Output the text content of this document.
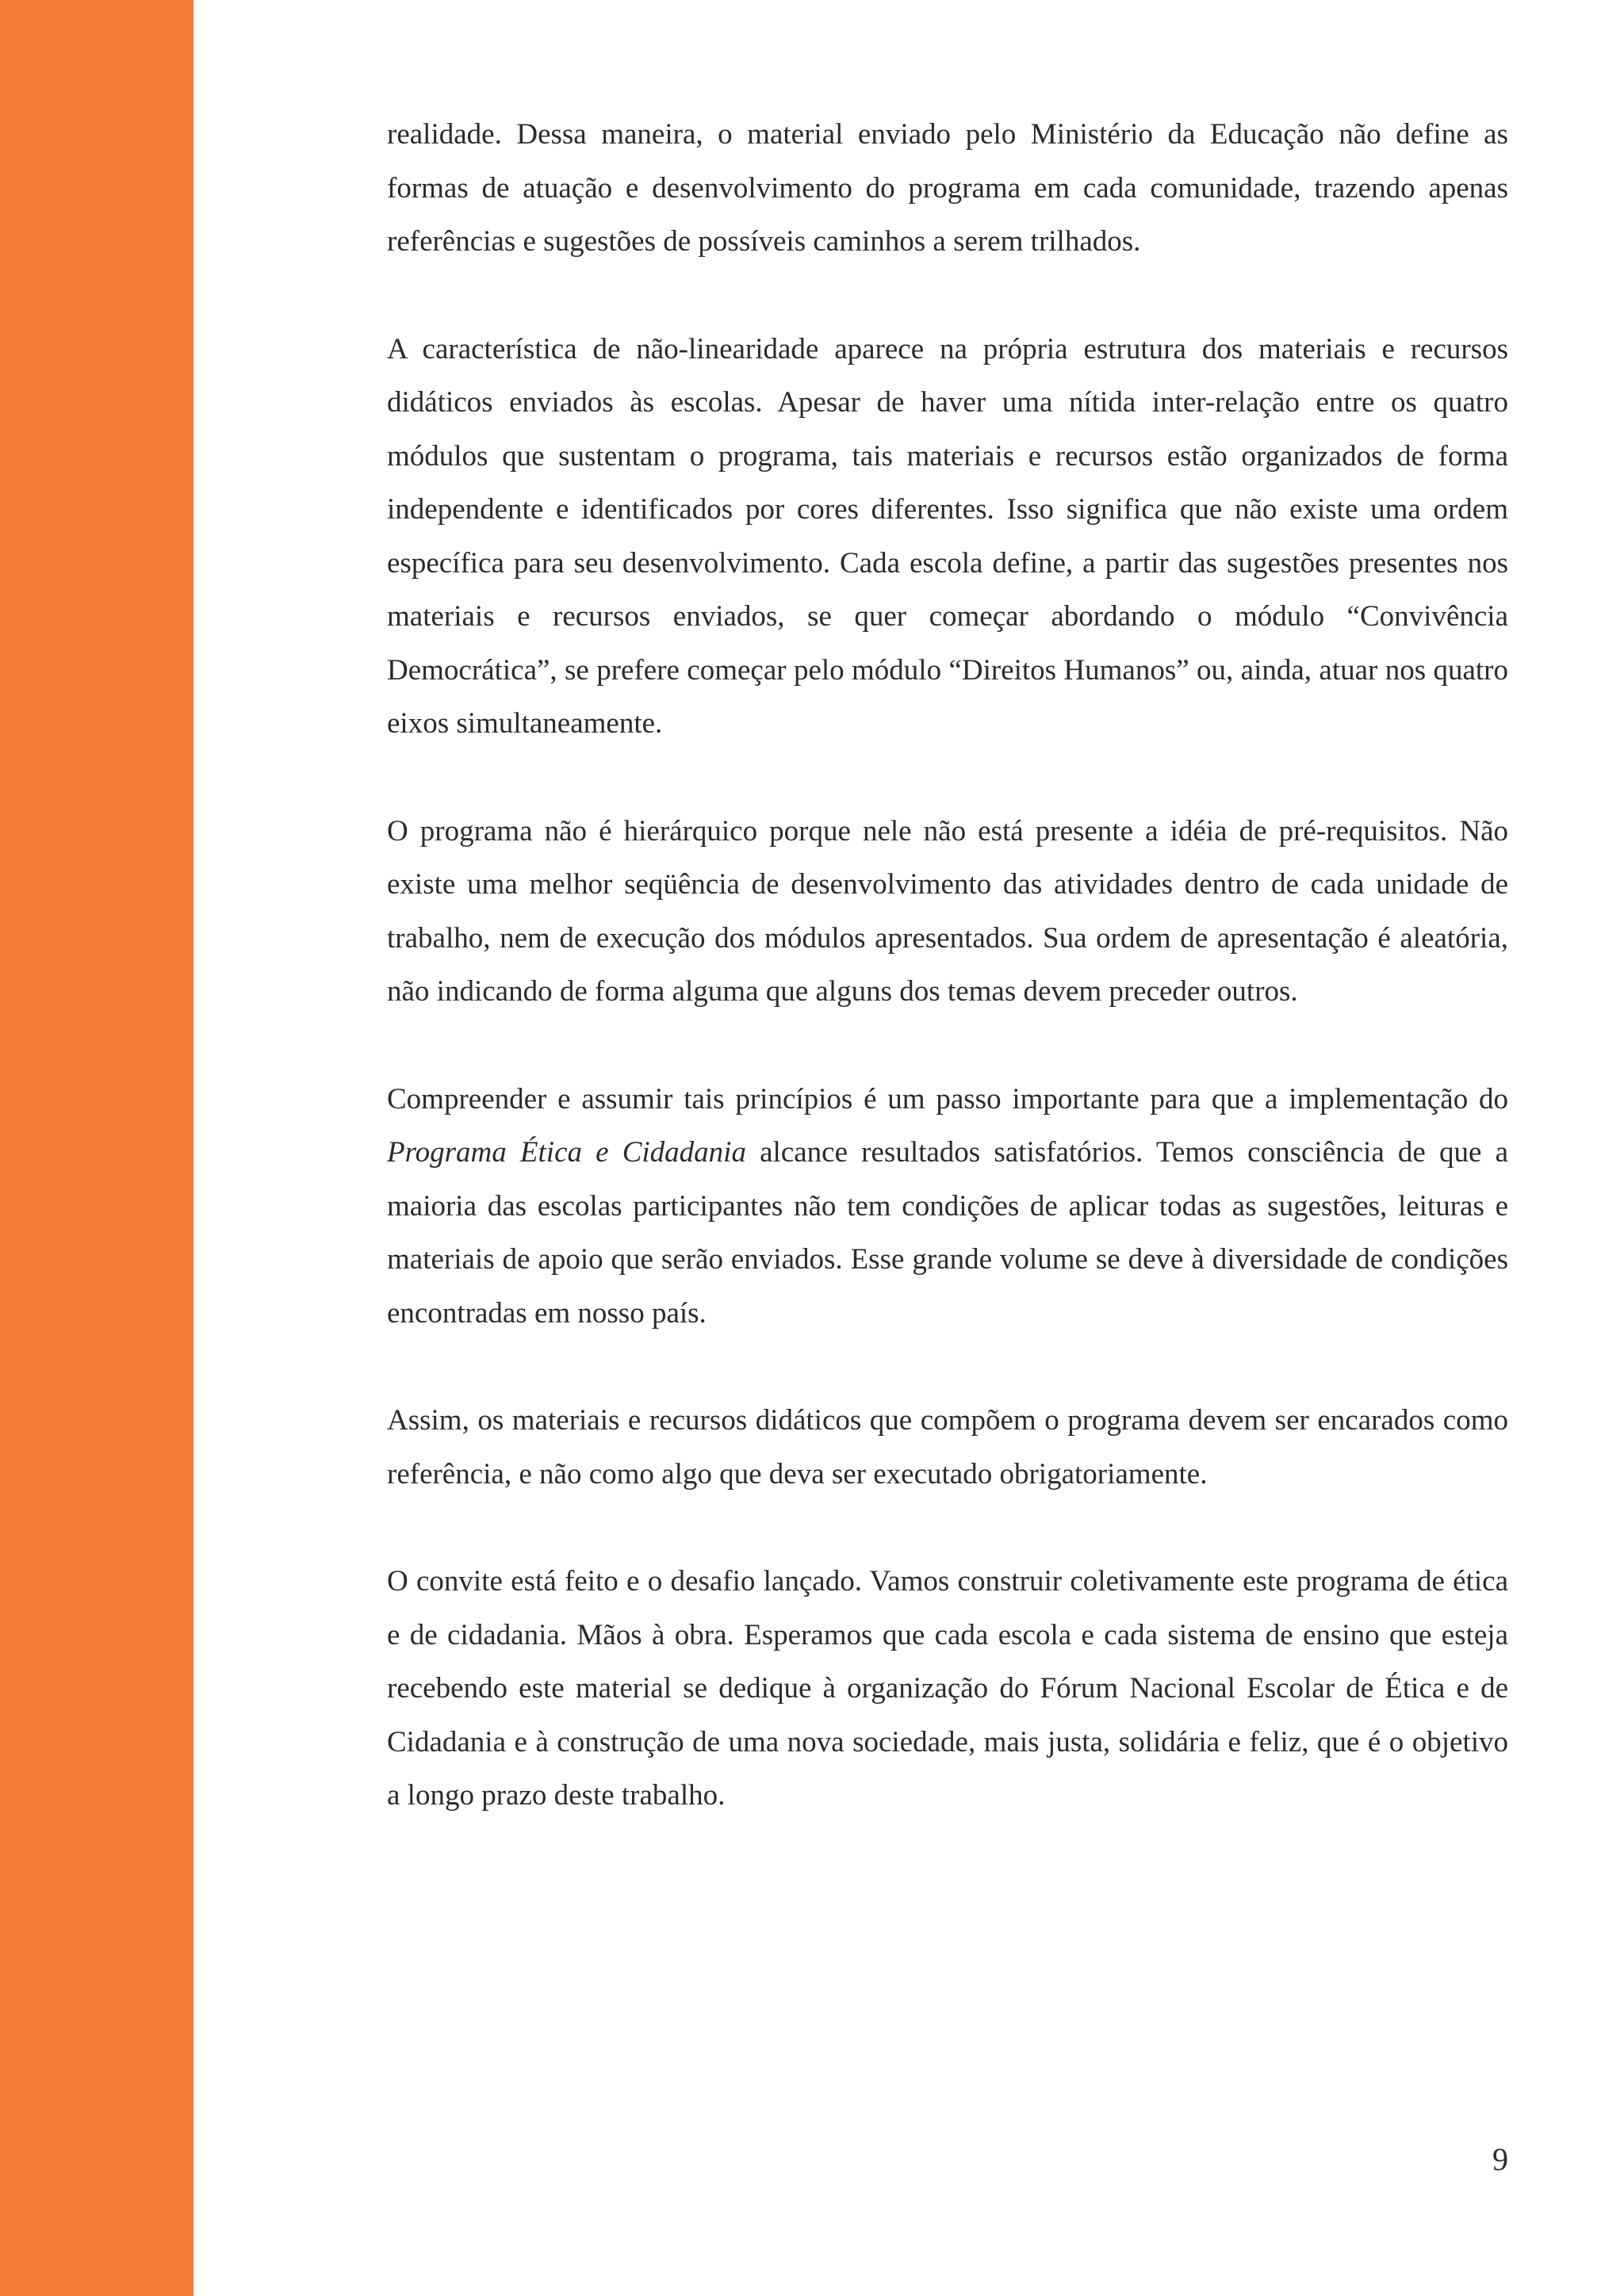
realidade. Dessa maneira, o material enviado pelo Ministério da Educação não define as formas de atuação e desenvolvimento do programa em cada comunidade, trazendo apenas referências e sugestões de possíveis caminhos a serem trilhados.

A característica de não-linearidade aparece na própria estrutura dos materiais e recursos didáticos enviados às escolas. Apesar de haver uma nítida inter-relação entre os quatro módulos que sustentam o programa, tais materiais e recursos estão organizados de forma independente e identificados por cores diferentes. Isso significa que não existe uma ordem específica para seu desenvolvimento. Cada escola define, a partir das sugestões presentes nos materiais e recursos enviados, se quer começar abordando o módulo “Convivência Democrática”, se prefere começar pelo módulo “Direitos Humanos” ou, ainda, atuar nos quatro eixos simultaneamente.

O programa não é hierárquico porque nele não está presente a idéia de pré-requisitos. Não existe uma melhor seqüência de desenvolvimento das atividades dentro de cada unidade de trabalho, nem de execução dos módulos apresentados. Sua ordem de apresentação é aleatória, não indicando de forma alguma que alguns dos temas devem preceder outros.

Compreender e assumir tais princípios é um passo importante para que a implementação do Programa Ética e Cidadania alcance resultados satisfatórios. Temos consciência de que a maioria das escolas participantes não tem condições de aplicar todas as sugestões, leituras e materiais de apoio que serão enviados. Esse grande volume se deve à diversidade de condições encontradas em nosso país.

Assim, os materiais e recursos didáticos que compõem o programa devem ser encarados como referência, e não como algo que deva ser executado obrigatoriamente.

O convite está feito e o desafio lançado. Vamos construir coletivamente este programa de ética e de cidadania. Mãos à obra. Esperamos que cada escola e cada sistema de ensino que esteja recebendo este material se dedique à organização do Fórum Nacional Escolar de Ética e de Cidadania e à construção de uma nova sociedade, mais justa, solidária e feliz, que é o objetivo a longo prazo deste trabalho.

9
